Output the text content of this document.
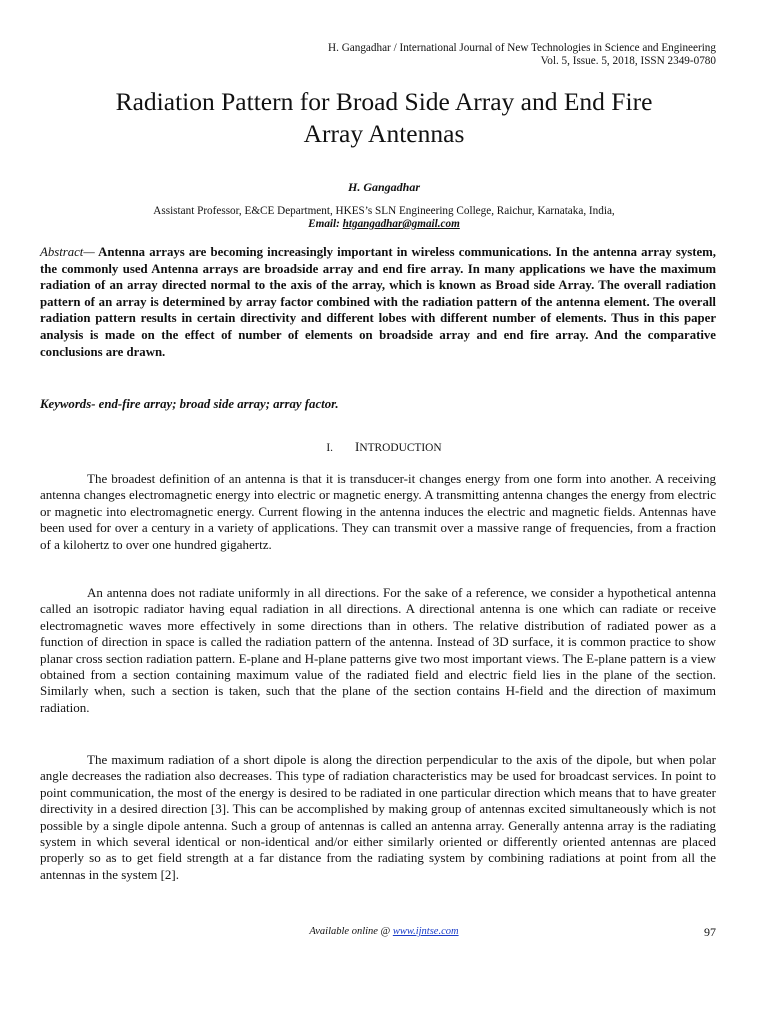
H. Gangadhar / International Journal of New Technologies in Science and Engineering
Vol. 5, Issue. 5, 2018, ISSN 2349-0780
Radiation Pattern for Broad Side Array and End Fire
Array Antennas
H. Gangadhar
Assistant Professor, E&CE Department, HKES’s SLN Engineering College, Raichur, Karnataka, India,
Email: htgangadhar@gmail.com

Abstract— Antenna arrays are becoming increasingly important in wireless communications. In the antenna array system, the commonly used Antenna arrays are broadside array and end fire array. In many applications we have the maximum radiation of an array directed normal to the axis of the array, which is known as Broad side Array. The overall radiation pattern of an array is determined by array factor combined with the radiation pattern of the antenna element. The overall radiation pattern results in certain directivity and different lobes with different number of elements. Thus in this paper analysis is made on the effect of number of elements on broadside array and end fire array. And the comparative conclusions are drawn.

Keywords- end-fire array; broad side array; array factor.

I. INTRODUCTION

The broadest definition of an antenna is that it is transducer-it changes energy from one form into another. A receiving antenna changes electromagnetic energy into electric or magnetic energy. A transmitting antenna changes the energy from electric or magnetic into electromagnetic energy. Current flowing in the antenna induces the electric and magnetic fields. Antennas have been used for over a century in a variety of applications. They can transmit over a massive range of frequencies, from a fraction of a kilohertz to over one hundred gigahertz.

An antenna does not radiate uniformly in all directions. For the sake of a reference, we consider a hypothetical antenna called an isotropic radiator having equal radiation in all directions. A directional antenna is one which can radiate or receive electromagnetic waves more effectively in some directions than in others. The relative distribution of radiated power as a function of direction in space is called the radiation pattern of the antenna. Instead of 3D surface, it is common practice to show planar cross section radiation pattern. E-plane and H-plane patterns give two most important views. The E-plane pattern is a view obtained from a section containing maximum value of the radiated field and electric field lies in the plane of the section. Similarly when, such a section is taken, such that the plane of the section contains H-field and the direction of maximum radiation.

The maximum radiation of a short dipole is along the direction perpendicular to the axis of the dipole, but when polar angle decreases the radiation also decreases. This type of radiation characteristics may be used for broadcast services. In point to point communication, the most of the energy is desired to be radiated in one particular direction which means that to have greater directivity in a desired direction [3]. This can be accomplished by making group of antennas excited simultaneously which is not possible by a single dipole antenna. Such a group of antennas is called an antenna array. Generally antenna array is the radiating system in which several identical or non-identical and/or either similarly oriented or differently oriented antennas are placed properly so as to get field strength at a far distance from the radiating system by combining radiations at point from all the antennas in the system [2].

Available online @ www.ijntse.com	97
